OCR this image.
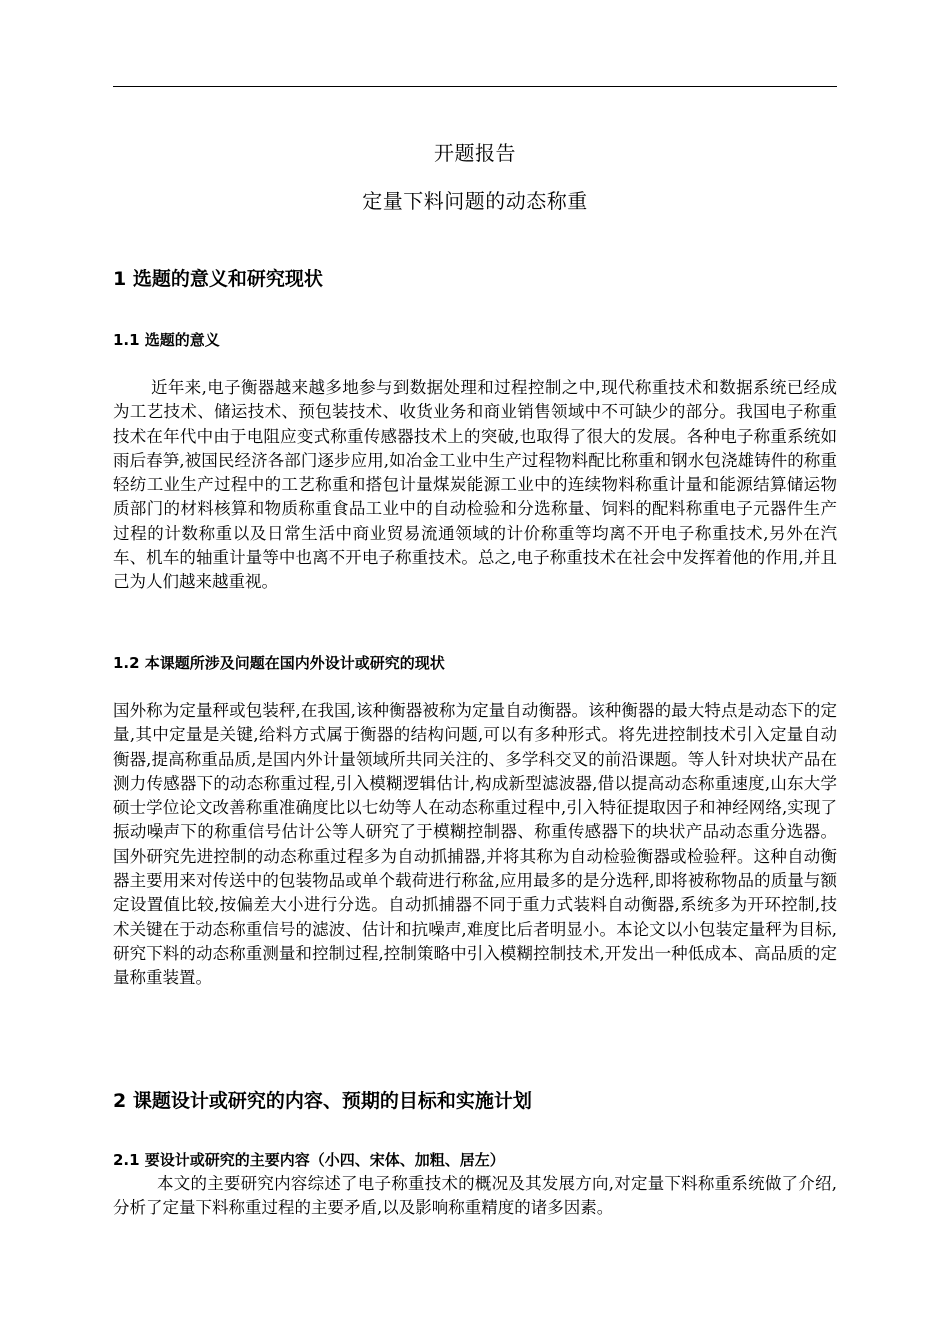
开题报告
定量下料问题的动态称重
1 选题的意义和研究现状
1.1 选题的意义

近年来,电子衡器越来越多地参与到数据处理和过程控制之中,现代称重技术和数据系统已经成为工艺技术、储运技术、预包装技术、收货业务和商业销售领域中不可缺少的部分。我国电子称重技术在年代中由于电阻应变式称重传感器技术上的突破,也取得了很大的发展。各种电子称重系统如雨后春笋,被国民经济各部门逐步应用,如冶金工业中生产过程物料配比称重和钢水包浇雄铸件的称重轻纺工业生产过程中的工艺称重和搭包计量煤炭能源工业中的连续物料称重计量和能源结算储运物质部门的材料核算和物质称重食品工业中的自动检验和分选称量、饲料的配料称重电子元器件生产过程的计数称重以及日常生活中商业贸易流通领域的计价称重等均离不开电子称重技术,另外在汽车、机车的轴重计量等中也离不开电子称重技术。总之,电子称重技术在社会中发挥着他的作用,并且己为人们越来越重视。

1.2 本课题所涉及问题在国内外设计或研究的现状

国外称为定量秤或包装秤,在我国,该种衡器被称为定量自动衡器。该种衡器的最大特点是动态下的定量,其中定量是关键,给料方式属于衡器的结构问题,可以有多种形式。将先进控制技术引入定量自动衡器,提高称重品质,是国内外计量领域所共同关注的、多学科交叉的前沿课题。等人针对块状产品在测力传感器下的动态称重过程,引入模糊逻辑估计,构成新型滤波器,借以提高动态称重速度,山东大学硕士学位论文改善称重准确度比以七幼等人在动态称重过程中,引入特征提取因子和神经网络,实现了振动噪声下的称重信号估计公等人研究了于模糊控制器、称重传感器下的块状产品动态重分选器。国外研究先进控制的动态称重过程多为自动抓捕器,并将其称为自动检验衡器或检验秤。这种自动衡器主要用来对传送中的包装物品或单个载荷进行称盆,应用最多的是分选秤,即将被称物品的质量与额定设置值比较,按偏差大小进行分选。自动抓捕器不同于重力式装料自动衡器,系统多为开环控制,技术关键在于动态称重信号的滤波、估计和抗噪声,难度比后者明显小。本论文以小包装定量秤为目标,研究下料的动态称重测量和控制过程,控制策略中引入模糊控制技术,开发出一种低成本、高品质的定量称重装置。

2 课题设计或研究的内容、预期的目标和实施计划
2.1 要设计或研究的主要内容（小四、宋体、加粗、居左）

本文的主要研究内容综述了电子称重技术的概况及其发展方向,对定量下料称重系统做了介绍,分析了定量下料称重过程的主要矛盾,以及影响称重精度的诸多因素。
